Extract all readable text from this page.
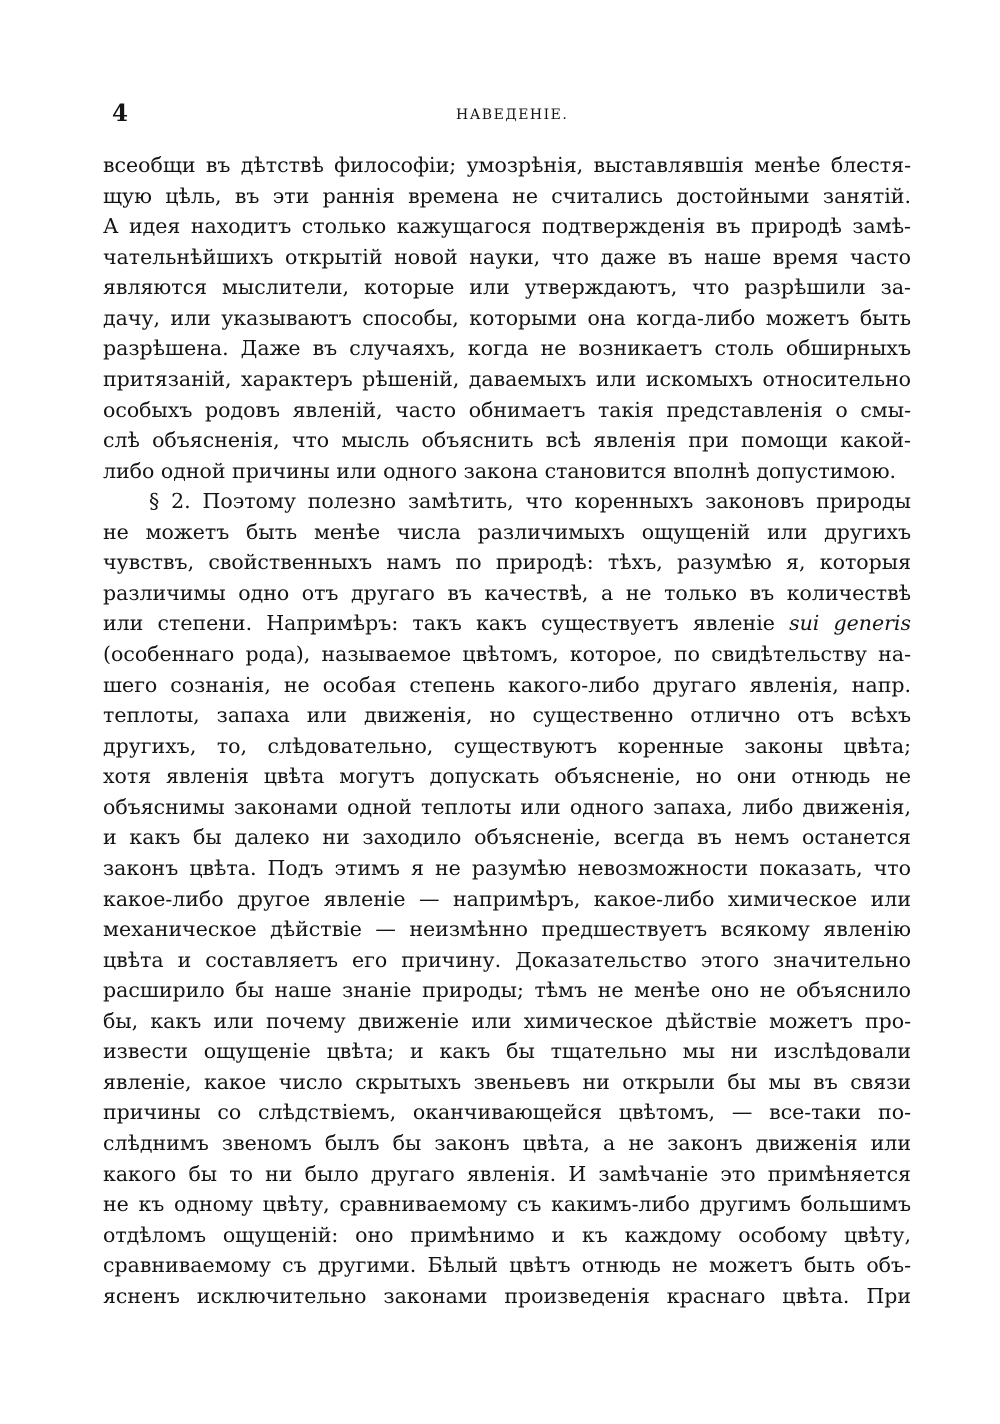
4	НАВЕДЕНІЕ.
всеобщи въ дѣтствѣ философіи; умозрѣнія, выставлявшія менѣе блестя-
щую цѣль, въ эти раннія времена не считались достойными занятій.
А идея находитъ столько кажущагося подтвержденія въ природѣ замѣ-
чательнѣйшихъ открытій новой науки, что даже въ наше время часто
являются мыслители, которые или утверждаютъ, что разрѣшили за-
дачу, или указываютъ способы, которыми она когда-либо можетъ быть
разрѣшена. Даже въ случаяхъ, когда не возникаетъ столь обширныхъ
притязаній, характеръ рѣшеній, даваемыхъ или искомыхъ относительно
особыхъ родовъ явленій, часто обнимаетъ такія представленія о смы-
слѣ объясненія, что мысль объяснить всѣ явленія при помощи какой-
либо одной причины или одного закона становится вполнѣ допустимою.
§ 2. Поэтому полезно замѣтить, что коренныхъ законовъ природы
не можетъ быть менѣе числа различимыхъ ощущеній или другихъ
чувствъ, свойственныхъ намъ по природѣ: тѣхъ, разумѣю я, которыя
различимы одно отъ другаго въ качествѣ, а не только въ количествѣ
или степени. Напримѣръ: такъ какъ существуетъ явленіе sui generis
(особеннаго рода), называемое цвѣтомъ, которое, по свидѣтельству на-
шего сознанія, не особая степень какого-либо другаго явленія, напр.
теплоты, запаха или движенія, но существенно отлично отъ всѣхъ
другихъ, то, слѣдовательно, существуютъ коренные законы цвѣта;
хотя явленія цвѣта могутъ допускать объясненіе, но они отнюдь не
объяснимы законами одной теплоты или одного запаха, либо движенія,
и какъ бы далеко ни заходило объясненіе, всегда въ немъ останется
законъ цвѣта. Подъ этимъ я не разумѣю невозможности показать, что
какое-либо другое явленіе — напримѣръ, какое-либо химическое или
механическое дѣйствіе — неизмѣнно предшествуетъ всякому явленію
цвѣта и составляетъ его причину. Доказательство этого значительно
расширило бы наше знаніе природы; тѣмъ не менѣе оно не объяснило
бы, какъ или почему движеніе или химическое дѣйствіе можетъ про-
извести ощущеніе цвѣта; и какъ бы тщательно мы ни изслѣдовали
явленіе, какое число скрытыхъ звеньевъ ни открыли бы мы въ связи
причины со слѣдствіемъ, оканчивающейся цвѣтомъ, — все-таки по-
слѣднимъ звеномъ былъ бы законъ цвѣта, а не законъ движенія или
какого бы то ни было другаго явленія. И замѣчаніе это примѣняется
не къ одному цвѣту, сравниваемому съ какимъ-либо другимъ большимъ
отдѣломъ ощущеній: оно примѣнимо и къ каждому особому цвѣту,
сравниваемому съ другими. Бѣлый цвѣтъ отнюдь не можетъ быть объ-
ясненъ исключительно законами произведенія краснаго цвѣта. При
